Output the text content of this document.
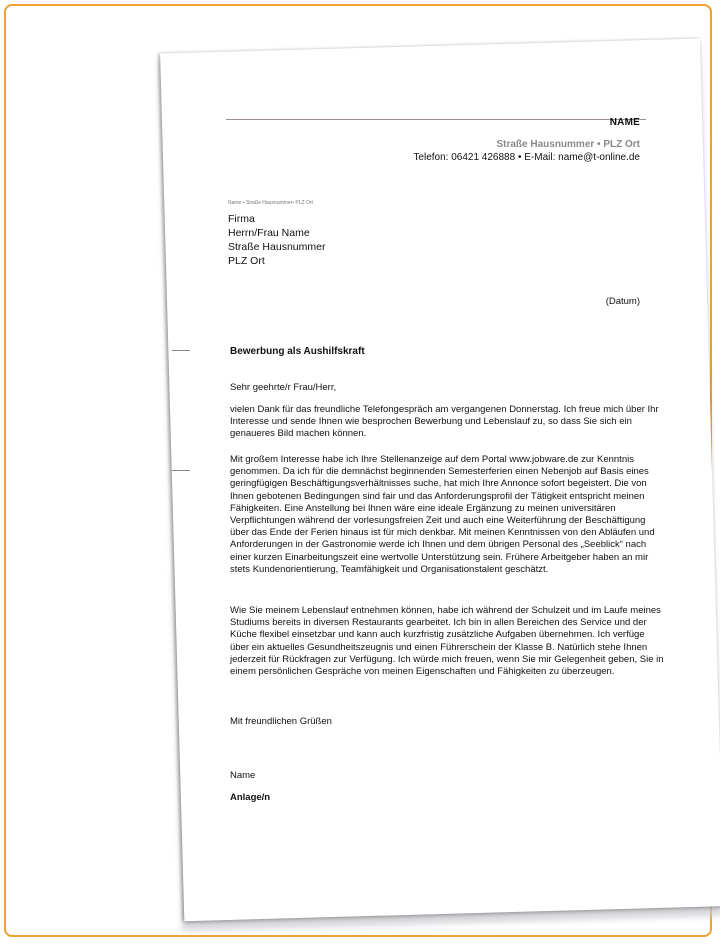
NAME
Straße Hausnummer • PLZ Ort
Telefon: 06421 426888 • E-Mail: name@t-online.de
Name • Straße Hausnummer• PLZ Ort
Firma
Herrn/Frau Name
Straße Hausnummer
PLZ Ort
(Datum)
Bewerbung als Aushilfskraft

Sehr geehrte/r Frau/Herr,

vielen Dank für das freundliche Telefongespräch am vergangenen Donnerstag. Ich freue mich über Ihr Interesse und sende Ihnen wie besprochen Bewerbung und Lebenslauf zu, so dass Sie sich ein genaueres Bild machen können.

Mit großem Interesse habe ich Ihre Stellenanzeige auf dem Portal www.jobware.de zur Kenntnis genommen. Da ich für die demnächst beginnenden Semesterferien einen Nebenjob auf Basis eines geringfügigen Beschäftigungsverhältnisses suche, hat mich Ihre Annonce sofort begeistert. Die von Ihnen gebotenen Bedingungen sind fair und das Anforderungsprofil der Tätigkeit entspricht meinen Fähigkeiten. Eine Anstellung bei Ihnen wäre eine ideale Ergänzung zu meinen universitären Verpflichtungen während der vorlesungsfreien Zeit und auch eine Weiterführung der Beschäftigung über das Ende der Ferien hinaus ist für mich denkbar. Mit meinen Kenntnissen von den Abläufen und Anforderungen in der Gastronomie werde ich Ihnen und dem übrigen Personal des „Seeblick“ nach einer kurzen Einarbeitungszeit eine wertvolle Unterstützung sein. Frühere Arbeitgeber haben an mir stets Kundenorientierung, Teamfähigkeit und Organisationstalent geschätzt.

Wie Sie meinem Lebenslauf entnehmen können, habe ich während der Schulzeit und im Laufe meines Studiums bereits in diversen Restaurants gearbeitet. Ich bin in allen Bereichen des Service und der Küche flexibel einsetzbar und kann auch kurzfristig zusätzliche Aufgaben übernehmen. Ich verfüge über ein aktuelles Gesundheitszeugnis und einen Führerschein der Klasse B. Natürlich stehe Ihnen jederzeit für Rückfragen zur Verfügung. Ich würde mich freuen, wenn Sie mir Gelegenheit geben, Sie in einem persönlichen Gespräche von meinen Eigenschaften und Fähigkeiten zu überzeugen.

Mit freundlichen Grüßen
Name
Anlage/n
